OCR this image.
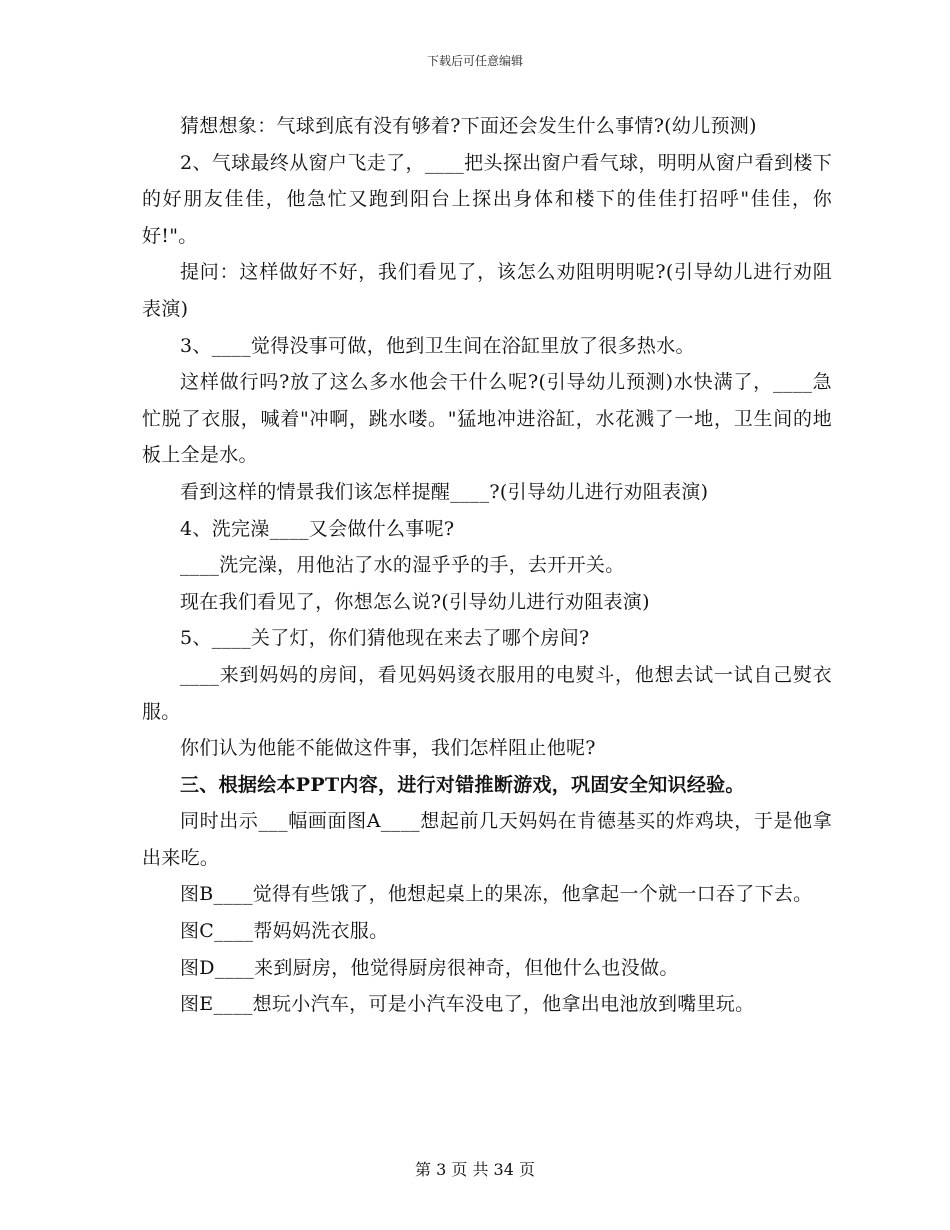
下载后可任意编辑

猜想想象：气球到底有没有够着?下面还会发生什么事情?(幼儿预测)

2、气球最终从窗户飞走了，____把头探出窗户看气球，明明从窗户看到楼下的好朋友佳佳，他急忙又跑到阳台上探出身体和楼下的佳佳打招呼"佳佳，你好!"。

提问：这样做好不好，我们看见了，该怎么劝阻明明呢?(引导幼儿进行劝阻表演)

3、____觉得没事可做，他到卫生间在浴缸里放了很多热水。

这样做行吗?放了这么多水他会干什么呢?(引导幼儿预测)水快满了，____急忙脱了衣服，喊着"冲啊，跳水喽。"猛地冲进浴缸，水花溅了一地，卫生间的地板上全是水。

看到这样的情景我们该怎样提醒____?(引导幼儿进行劝阻表演)

4、洗完澡____又会做什么事呢?

____洗完澡，用他沾了水的湿乎乎的手，去开开关。

现在我们看见了，你想怎么说?(引导幼儿进行劝阻表演)

5、____关了灯，你们猜他现在来去了哪个房间?

____来到妈妈的房间，看见妈妈烫衣服用的电熨斗，他想去试一试自己熨衣服。

你们认为他能不能做这件事，我们怎样阻止他呢?

三、根据绘本PPT内容，进行对错推断游戏，巩固安全知识经验。

同时出示___幅画面图A____想起前几天妈妈在肯德基买的炸鸡块，于是他拿出来吃。

图B____觉得有些饿了，他想起桌上的果冻，他拿起一个就一口吞了下去。

图C____帮妈妈洗衣服。

图D____来到厨房，他觉得厨房很神奇，但他什么也没做。

图E____想玩小汽车，可是小汽车没电了，他拿出电池放到嘴里玩。

第 3 页 共 34 页
